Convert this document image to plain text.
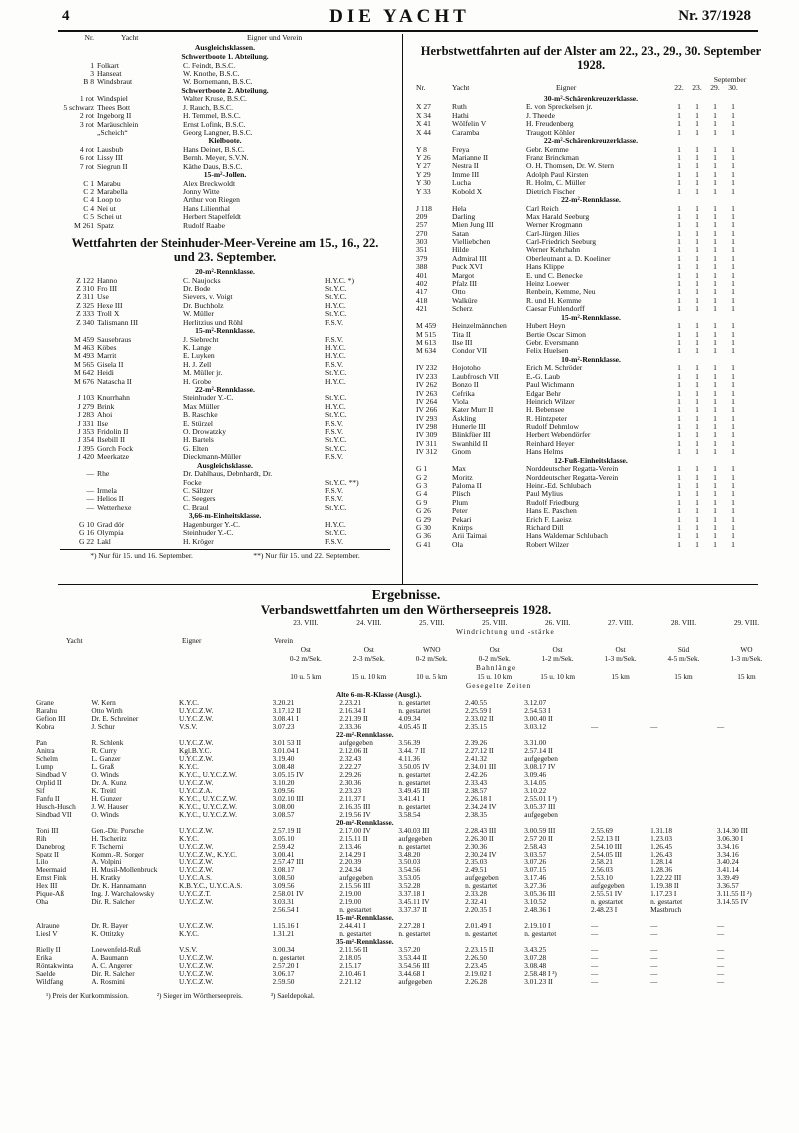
4	DIE YACHT	Nr. 37/1928
Nr.	Yacht	Eigner und Verein
Ausgleichsklassen.
Schwertboote 1. Abteilung.
1 Folkart	C. Feindt, B.S.C.
3 Hanseat	W. Knothe, B.S.C.
B 8 Windsbraut	W. Bornemann, B.S.C.
Schwertboote 2. Abteilung.
1 rot Windspiel	Walter Kruse, B.S.C.
5 schwarz Thees Bott	J. Rauch, B.S.C.
2 rot Ingeborg II	H. Temmel, B.S.C.
3 rot Maräuschlein	Ernst Lofink, B.S.C.
„Scheich“	Georg Langner, B.S.C.
Kielboote.
4 rot Lausbub	Hans Deinet, B.S.C.
6 rot Lissy III	Bernh. Meyer, S.V.N.
7 rot Siegrun II	Käthe Daus, B.S.C.
15-m²-Jollen.
C 1 Marabu	Alex Breckwoldt
C 2 Marabella	Jonny Witte
C 4 Loop to	Arthur von Riegen
C 4 Nei ut	Hans Lilienthal
C 5 Schei ut	Herbert Stapelfeldt
M 261 Spatz	Rudolf Raabe
Wettfahrten der Steinhuder-Meer-Vereine am 15., 16., 22. und 23. September.
20-m²-Rennklasse.
Z 122 Hanno	C. Naujocks	H.Y.C. *)
Z 310 Fro III	Dr. Bode	St.Y.C.
Z 311 Use	Sievers, v. Voigt	St.Y.C.
Z 325 Hexe III	Dr. Buchholz	H.Y.C.
Z 333 Troll X	W. Müller	St.Y.C.
Z 340 Talismann III	Herlitzius und Röhl	F.S.V.
15-m²-Rennklasse.
M 459 Sausebraus	J. Siebrecht	F.S.V.
M 463 Köbes	K. Lange	H.Y.C.
M 493 Marrit	E. Luyken	H.Y.C.
M 565 Gisela II	H. J. Zell	F.S.V.
M 642 Heidi	M. Müller jr.	St.Y.C.
M 676 Natascha II	H. Grobe	H.Y.C.
22-m²-Rennklasse.
J 103 Knurrhahn	Steinhuder Y.-C.	St.Y.C.
J 279 Brink	Max Müller	H.Y.C.
J 283 Ahoi	B. Raschke	St.Y.C.
J 331 Ilse	E. Stürzel	F.S.V.
J 353 Fridolin II	O. Drowatzky	F.S.V.
J 354 Ilsebill II	H. Bartels	St.Y.C.
J 395 Gorch Fock	G. Elten	St.Y.C.
J 420 Meerkatze	Dieckmann-Müller	F.S.V.
Ausgleichsklasse.
— Rhe	Dr. Dahlhaus, Debnhardt, Dr.
Focke	St.Y.C. **)
— Irmela	C. Sältzer	F.S.V.
— Helios II	C. Seegers	F.S.V.
— Wetterhexe	C. Braul	St.Y.C.
3,66-m-Einheitsklasse.
G 10 Grad dör	Hagenburger Y.-C.	H.Y.C.
G 16 Olympia	Steinhuder Y.-C.	St.Y.C.
G 22 Lakl	H. Kröger	F.S.V.
*) Nur für 15. und 16. September.	**) Nur für 15. und 22. September.
Herbstwettfahrten auf der Alster am 22., 23., 29., 30. September 1928.
September
Nr.	Yacht	Eigner	22.	23.	29.	30.
30-m²-Schärenkreuzerklasse.
X 27	Ruth	E. von Spreckelsen jr.	1	1	1	1
X 34	Hathi	J. Theede	1	1	1	1
X 41	Wölfelin V	H. Freudenberg	1	1	1	1
X 44	Caramba	Traugott Köhler	1	1	1	1
22-m²-Schärenkreuzerklasse.
Y 8	Freya	Gebr. Kemme	1	1	1	1
Y 26	Marianne II	Franz Brinckman	1	1	1	1
Y 27	Nestra II	O. H. Thomsen, Dr. W. Stern	1	1	1	1
Y 29	Imme III	Adolph Paul Kirsten	1	1	1	1
Y 30	Lucha	R. Holm, C. Müller	1	1	1	1
Y 33	Kobold X	Dietrich Fischer	1	1	1	1
22-m²-Rennklasse.
J 118	Hela	Carl Reich	1	1	1	1
209	Darling	Max Harald Seeburg	1	1	1	1
257	Mien Jung III	Werner Krogmann	1	1	1	1
270	Satan	Carl-Jürgen Jilies	1	1	1	1
303	Vielliebchen	Carl-Friedrich Seeburg	1	1	1	1
351	Hilde	Werner Kehrhahn	1	1	1	1
379	Admiral III	Oberleutnant a. D. Koeliner	1	1	1	1
388	Puck XVI	Hans Klippe	1	1	1	1
401	Margot	E. und C. Benecke	1	1	1	1
402	Pfalz III	Heinz Loewer	1	1	1	1
417	Otto	Renbein, Kemme, Neu	1	1	1	1
418	Walküre	R. und H. Kemme	1	1	1	1
421	Scherz	Caesar Fuhlendorff	1	1	1	1
15-m²-Rennklasse.
M 459	Heinzelmännchen	Hubert Heyn	1	1	1	1
M 515	Tita II	Bertie Oscar Simon	1	1	1	1
M 613	Ilse III	Gebr. Eversmann	1	1	1	1
M 634	Condor VII	Felix Huelsen	1	1	1	1
10-m²-Rennklasse.
IV 232	Hojotoho	Erich M. Schröder	1	1	1	1
IV 233	Laubfrosch VII	E.-G. Laub	1	1	1	1
IV 262	Bonzo II	Paul Wichmann	1	1	1	1
IV 263	Cefrika	Edgar Behr	1	1	1	1
IV 264	Viola	Heinrich Wilzer	1	1	1	1
IV 266	Kater Murr II	H. Bebensee	1	1	1	1
IV 293	Äskling	R. Hintzpeter	1	1	1	1
IV 298	Hunerle III	Rudolf Dehmlow	1	1	1	1
IV 309	Blinkfüer III	Herbert Webendörfer	1	1	1	1
IV 311	Swanhild II	Reinhard Heyer	1	1	1	1
IV 312	Gnom	Hans Helms	1	1	1	1
12-Fuß-Einheitsklasse.
G 1	Max	Norddeutscher Regatta-Verein	1	1	1	1
G 2	Moritz	Norddeutscher Regatta-Verein	1	1	1	1
G 3	Paloma II	Heinr.-Ed. Schlubach	1	1	1	1
G 4	Plisch	Paul Mylius	1	1	1	1
G 9	Plum	Rudolf Friedburg	1	1	1	1
G 26	Peter	Hans E. Paschen	1	1	1	1
G 29	Pekari	Erich F. Laeisz	1	1	1	1
G 30	Knirps	Richard Dill	1	1	1	1
G 36	Arii Taimai	Hans Waldemar Schlubach	1	1	1	1
G 41	Ola	Robert Wilzer	1	1	1	1
Ergebnisse.
Verbandswettfahrten um den Wörtherseepreis 1928.
23. VIII.	24. VIII.	25. VIII.	25. VIII.	26. VIII.	27. VIII.	28. VIII.	29. VIII.
Windrichtung und -stärke
Yacht	Eigner	Verein
Ost	Ost	WNO	Ost	Ost	Ost	Süd	WO
0-2 m/Sek.	2-3 m/Sek.	0-2 m/Sek.	0-2 m/Sek.	1-2 m/Sek.	1-3 m/Sek.	4-5 m/Sek.	1-3 m/Sek.
Bahnlänge
10 u. 5 km	15 u. 10 km	10 u. 5 km	15 u. 10 km	15 u. 10 km	15 km	15 km	15 km
Gesegelte Zeiten
Alte 6-m-R-Klasse (Ausgl.).
Grane	W. Kern	K.Y.C.	3.20.21	2.23.21	n. gestartet	2.40.55	3.12.07
Rarahu	Otto Wirth	U.Y.C.Z.W.	3.17.12 II	2.16.34 I	n. gestartet	2.25.59 I	2.54.53 I
Gefion III	Dr. E. Schreiner	U.Y.C.Z.W.	3.08.41 I	2.21.39 II	4.09.34	2.33.02 II	3.00.40 II
Kobra	J. Schur	V.S.V.	3.07.23	2.33.36	4.05.45 II	2.35.15	3.03.12	—	—	—
22-m²-Rennklasse.
Pan	R. Schlenk	U.Y.C.Z.W.	3.01 53 II	aufgegeben	3.56.39	2.39.26	3.31.00
Anitra	R. Curry	Kgl.B.Y.C.	3.01.04 I	2.12.06 II	3.44. 7 II	2.27.12 II	2.57.14 II
Schelm	L. Ganzer	U.Y.C.Z.W.	3.19.40	2.32.43	4.11.36	2.41.32	aufgegeben
Lump	L. Graß	K.Y.C.	3.08.48	2.22.27	3.50.05 IV	2.34.01 III	3.08.17 IV
Sindbad V	O. Winds	K.Y.C., U.Y.C.Z.W.	3.05.15 IV	2.29.26	n. gestartet	2.42.26	3.09.46
Orplid II	Dr. A. Kunz	U.Y.C.Z.W.	3.10.20	2.30.36	n. gestartet	2.33.43	3.14.05
Sif	K. Treitl	U.Y.C.Z.A.	3.09.56	2.23.23	3.49.45 III	2.38.57	3.10.22
Fanfu II	H. Gunzer	K.Y.C., U.Y.C.Z.W.	3.02.10 III	2.11.37 I	3.41.41 I	2.26.18 I	2.55.01 I ¹)
Husch-Husch	J. W. Hauser	K.Y.C., U.Y.C.Z.W.	3.08.00	2.16.35 III	n. gestartet	2.34.24 IV	3.05.37 III
Sindbad VII	O. Winds	K.Y.C., U.Y.C.Z.W.	3.08.57	2.19.56 IV	3.58.54	2.38.35	aufgegeben
20-m²-Rennklasse.
Toni III	Gen.-Dir. Porsche	U.Y.C.Z.W.	2.57.19 II	2.17.00 IV	3.40.03 III	2.28.43 III	3.00.59 III	2.55.69	1.31.18	3.14.30 III
Rih	H. Tscheritz	K.Y.C.	3.05.10	2.15.11 II	aufgegeben	2.26.30 II	2.57 20 II	2.52.13 II	1.23.03	3.06.30 I
Danebrog	F. Tscherni	U.Y.C.Z.W.	2.59.42	2.13.46	n. gestartet	2.30.36	2.58.43	2.54.10 III	1.26.45	3.34.16
Spatz II	Komm.-R. Sorger	U.Y.C.Z.W., K.Y.C.	3.00.41	2.14.29 I	3.48.20	2.30.24 IV	3.03.57	2.54.05 III	1.26.43	3.34.16
Lilo	A. Volpini	U.Y.C.Z.W.	2.57.47 III	2.20.39	3.50.03	2.35.03	3.07.26	2.58.21	1.28.14	3.40.24
Meermaid	H. Musil-Mollenbruck	U.Y.C.Z.W.	3.08.17	2.24.34	3.54.56	2.49.51	3.07.15	2.56.03	1.28.36	3.41.14
Ernst Fink	H. Kratky	U.Y.C.A.S.	3.08.50	aufgegeben	3.53.05	aufgegeben	3.17.46	2.53.10	1.22.22 III	3.39.49
Hex III	Dr. K. Hannamann	K.B.Y.C., U.Y.C.A.S.	3.09.56	2.15.56 III	3.52.28	n. gestartet	3.27.36	aufgegeben	1.19.38 II	3.36.57
Pique-Aß	Ing. J. Warchalowsky	U.Y.C.Z.T.	2.58.01 IV	2.19.00	3.37.18 I	2.33.28	3.05.36 III	2.55.51 IV	1.17.23 I	3.11.55 II ²)
Oha	Dir. R. Salcher	U.Y.C.Z.W.	3.03.31	2.19.00	3.45.11 IV	2.32.41	3.10.52	n. gestartet	n. gestartet	3.14.55 IV
2.56.54 I	n. gestartet	3.37.37 II	2.20.35 I	2.48.36 I	2.48.23 I	Mastbruch
15-m²-Rennklasse.
Alraune	Dr. R. Bayer	U.Y.C.Z.W.	1.15.16 I	2.44.41 I	2.27.28 I	2.01.49 I	2.19.10 I	—	—	—
Liesl V	K. Ottitzky	K.Y.C.	1.31.21	n. gestartet	n. gestartet	n. gestartet	n. gestartet	—	—	—
35-m²-Rennklasse.
Rielly II	Loewenfeld-Ruß	V.S.V.	3.00.34	2.11.56 II	3.57.20	2.23.15 II	3.43.25	—	—	—
Erika	A. Baumann	U.Y.C.Z.W.	n. gestartet	2.18.05	3.53.44 II	2.26.50	3.07.28	—	—	—
Röntakwinta	A. C. Angerer	U.Y.C.Z.W.	2.57.20 I	2.15.17	3.54.56 III	2.23.45	3.08.48	—	—	—
Saelde	Dir. R. Salcher	U.Y.C.Z.W.	3.06.17	2.10.46 I	3.44.68 I	2.19.02 I	2.58.48 I ³)	—	—	—
Wildfang	A. Rosmini	U.Y.C.Z.W.	2.59.50	2.21.12	aufgegeben	2.26.28	3.01.23 II	—	—	—
¹) Preis der Kurkommission.	²) Sieger im Wörtherseepreis.	³) Saeldepokal.
